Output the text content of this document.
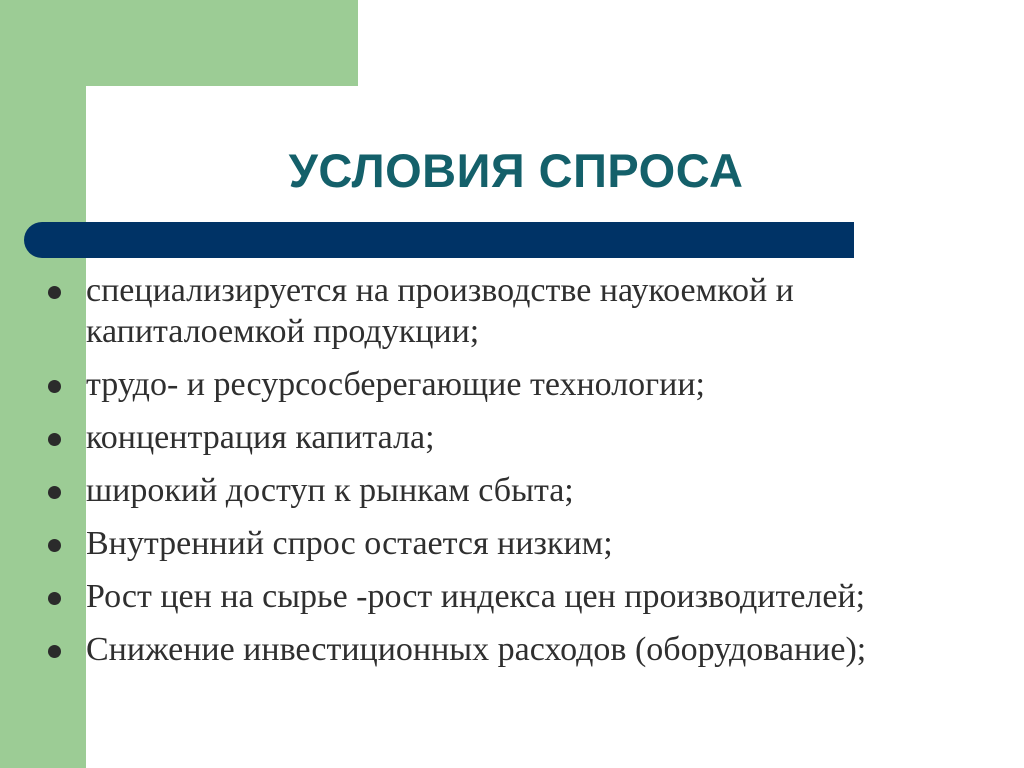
УСЛОВИЯ СПРОСА
специализируется на производстве наукоемкой и
капиталоемкой продукции;
трудо- и ресурсосберегающие технологии;
концентрация капитала;
широкий доступ к рынкам сбыта;
Внутренний спрос остается низким;
Рост цен на сырье -рост индекса цен производителей;
Снижение инвестиционных расходов (оборудование);
